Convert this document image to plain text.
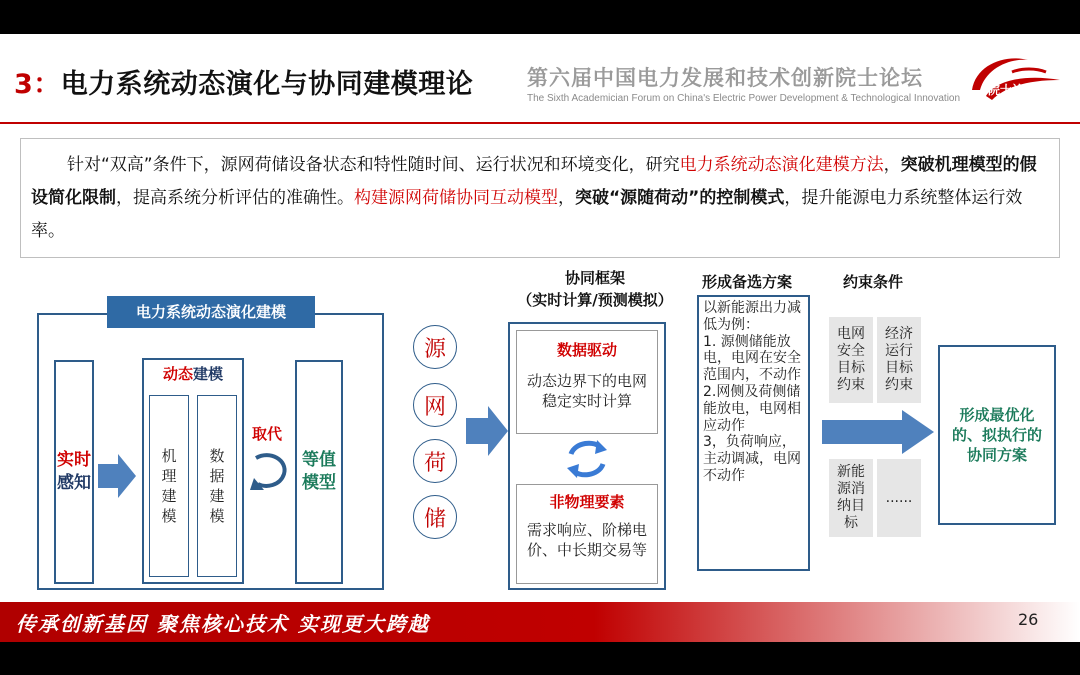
3：电力系统动态演化与协同建模理论	第六届中国电力发展和技术创新院士论坛
The Sixth Academician Forum on China's Electric Power Development & Technological Innovation
院士论坛
针对“双高”条件下，源网荷储设备状态和特性随时间、运行状况和环境变化，研究电力系统动态演化建模方法，突破机理模型的假设简化限制，提高系统分析评估的准确性。构建源网荷储协同互动模型，突破“源随荷动”的控制模式，提升能源电力系统整体运行效率。
电力系统动态演化建模
实时
感知
动态建模
机理建模
数据建模
取代
等值
模型
源
网
荷
储
协同框架
（实时计算/预测模拟）
数据驱动
动态边界下的电网稳定实时计算
非物理要素
需求响应、阶梯电价、中长期交易等
形成备选方案
以新能源出力减低为例：
1. 源侧储能放电，电网在安全范围内，不动作
2.网侧及荷侧储能放电，电网相应动作
3，负荷响应，主动调减，电网不动作
约束条件
电网安全目标约束
经济运行目标约束
新能源消纳目标
......
形成最优化的、拟执行的协同方案
传承创新基因 聚焦核心技术 实现更大跨越	26
